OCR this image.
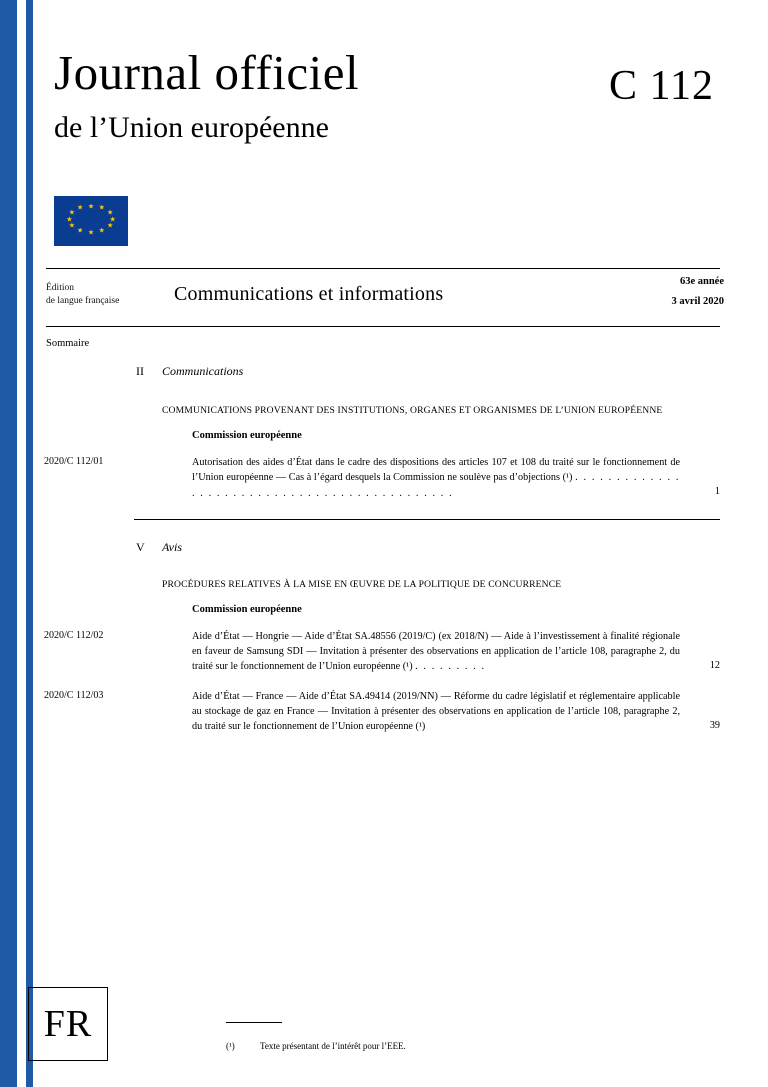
Journal officiel
de l’Union européenne
C 112
★ ★
★
★
★
★
★
★
★
★
★
★
Édition
de langue française	Communications et informations
63e année
3 avril 2020
Sommaire
II Communications
COMMUNICATIONS PROVENANT DES INSTITUTIONS, ORGANES ET ORGANISMES DE L’UNION EUROPÉENNE
Commission européenne
2020/C 112/01	Autorisation des aides d’État dans le cadre des dispositions des articles 107 et 108 du traité sur le fonctionnement de l’Union européenne — Cas à l’égard desquels la Commission ne soulève pas d’objections (¹) . . . . . . . . . . . . . . . . . . . . . . . . . . . . . . . . . . . . . . . . . . . . .	1
V Avis
PROCÉDURES RELATIVES À LA MISE EN ŒUVRE DE LA POLITIQUE DE CONCURRENCE
Commission européenne
2020/C 112/02	Aide d’État — Hongrie — Aide d’État SA.48556 (2019/C) (ex 2018/N) — Aide à l’investissement à finalité régionale en faveur de Samsung SDI — Invitation à présenter des observations en application de l’article 108, paragraphe 2, du traité sur le fonctionnement de l’Union européenne (¹) . . . . . . . . .	12
2020/C 112/03	Aide d’État — France — Aide d’État SA.49414 (2019/NN) — Réforme du cadre législatif et réglementaire applicable au stockage de gaz en France — Invitation à présenter des observations en application de l’article 108, paragraphe 2, du traité sur le fonctionnement de l’Union européenne (¹)	39
(¹)	Texte présentant de l’intérêt pour l’EEE.
FR
